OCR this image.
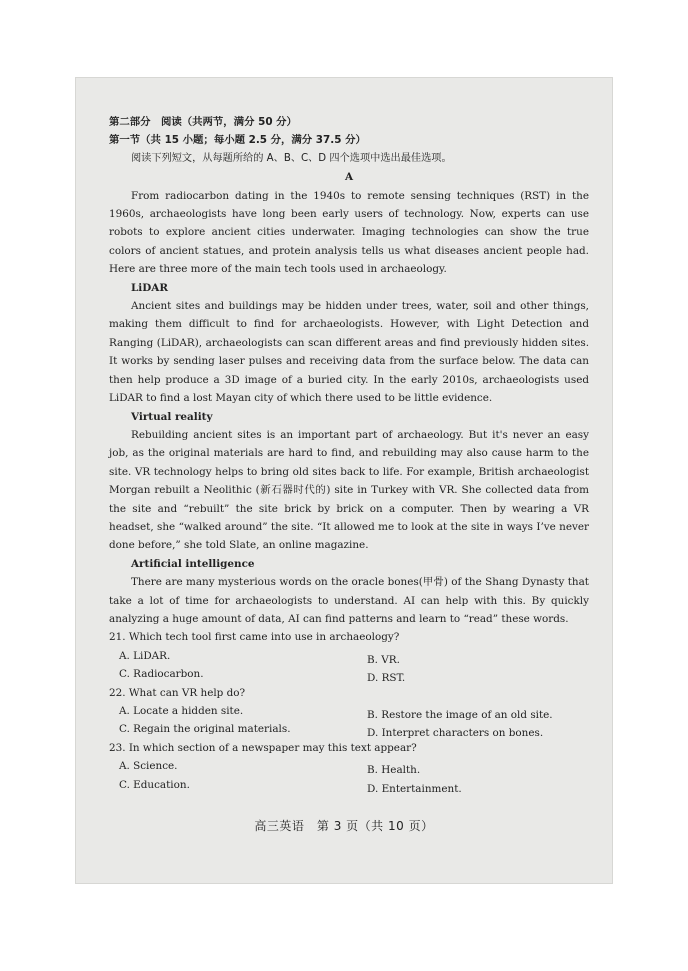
第二部分　阅读（共两节，满分 50 分）

第一节（共 15 小题；每小题 2.5 分，满分 37.5 分）

阅读下列短文，从每题所给的 A、B、C、D 四个选项中选出最佳选项。

A

From radiocarbon dating in the 1940s to remote sensing techniques (RST) in the 1960s, archaeologists have long been early users of technology. Now, experts can use robots to explore ancient cities underwater. Imaging technologies can show the true colors of ancient statues, and protein analysis tells us what diseases ancient people had. Here are three more of the main tech tools used in archaeology.

LiDAR

Ancient sites and buildings may be hidden under trees, water, soil and other things, making them difficult to find for archaeologists. However, with Light Detection and Ranging (LiDAR), archaeologists can scan different areas and find previously hidden sites. It works by sending laser pulses and receiving data from the surface below. The data can then help produce a 3D image of a buried city. In the early 2010s, archaeologists used LiDAR to find a lost Mayan city of which there used to be little evidence.

Virtual reality

Rebuilding ancient sites is an important part of archaeology. But it's never an easy job, as the original materials are hard to find, and rebuilding may also cause harm to the site. VR technology helps to bring old sites back to life. For example, British archaeologist Morgan rebuilt a Neolithic (新石器时代的) site in Turkey with VR. She collected data from the site and “rebuilt” the site brick by brick on a computer. Then by wearing a VR headset, she “walked around” the site. “It allowed me to look at the site in ways I’ve never done before,” she told Slate, an online magazine.

Artificial intelligence

There are many mysterious words on the oracle bones(甲骨) of the Shang Dynasty that take a lot of time for archaeologists to understand. AI can help with this. By quickly analyzing a huge amount of data, AI can find patterns and learn to “read” these words.

21. Which tech tool first came into use in archaeology?

A. LiDAR.	B. VR.
C. Radiocarbon.	D. RST.

22. What can VR help do?

A. Locate a hidden site.	B. Restore the image of an old site.
C. Regain the original materials.	D. Interpret characters on bones.

23. In which section of a newspaper may this text appear?

A. Science.	B. Health.
C. Education.	D. Entertainment.
高三英语　第 3 页（共 10 页）
